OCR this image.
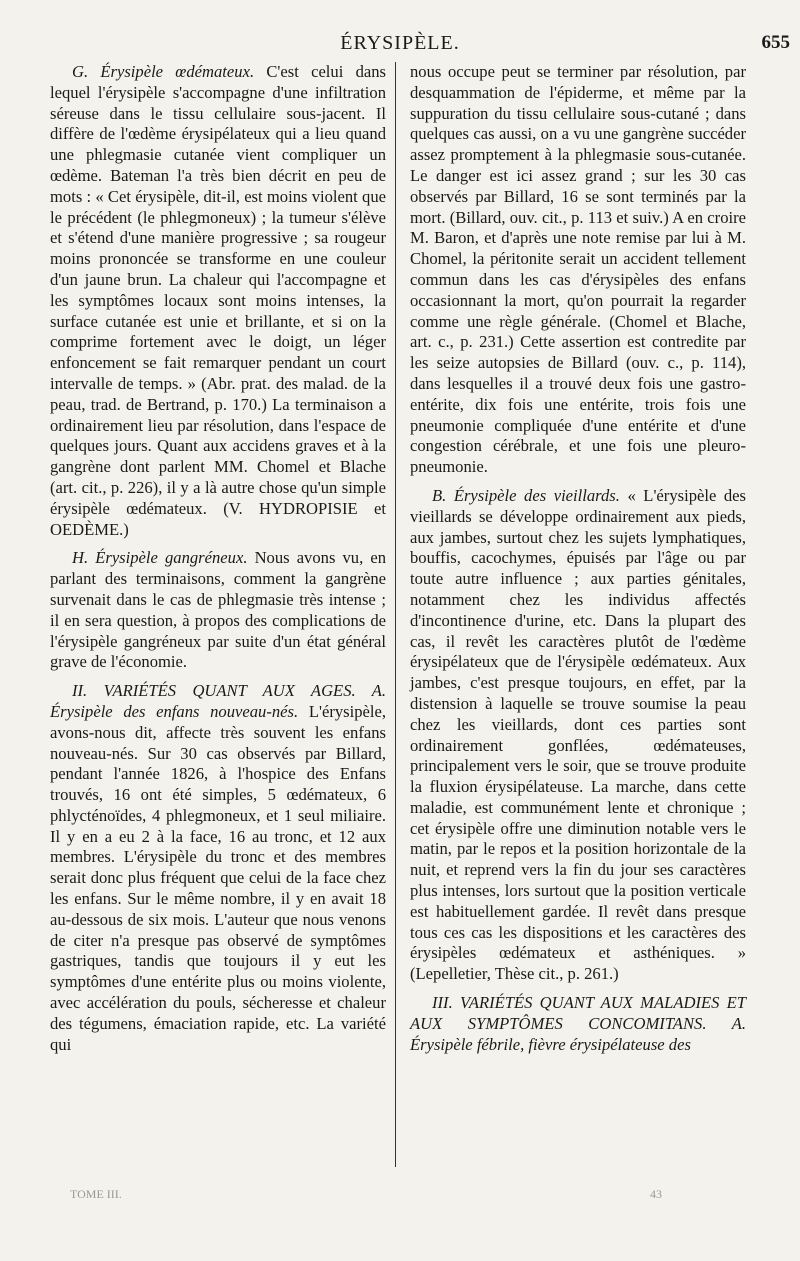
ÉRYSIPÈLE.	655

G. Érysipèle œdémateux. C'est celui dans lequel l'érysipèle s'accompagne d'une infiltration séreuse dans le tissu cellulaire sous-jacent. Il diffère de l'œdème érysipélateux qui a lieu quand une phlegmasie cutanée vient compliquer un œdème. Bateman l'a très bien décrit en peu de mots : « Cet érysipèle, dit-il, est moins violent que le précédent (le phlegmoneux) ; la tumeur s'élève et s'étend d'une manière progressive ; sa rougeur moins prononcée se transforme en une couleur d'un jaune brun. La chaleur qui l'accompagne et les symptômes locaux sont moins intenses, la surface cutanée est unie et brillante, et si on la comprime fortement avec le doigt, un léger enfoncement se fait remarquer pendant un court intervalle de temps. » (Abr. prat. des malad. de la peau, trad. de Bertrand, p. 170.) La terminaison a ordinairement lieu par résolution, dans l'espace de quelques jours. Quant aux accidens graves et à la gangrène dont parlent MM. Chomel et Blache (art. cit., p. 226), il y a là autre chose qu'un simple érysipèle œdémateux. (V. HYDROPISIE et OEDÈME.)

H. Érysipèle gangréneux. Nous avons vu, en parlant des terminaisons, comment la gangrène survenait dans le cas de phlegmasie très intense ; il en sera question, à propos des complications de l'érysipèle gangréneux par suite d'un état général grave de l'économie.

II. VARIÉTÉS QUANT AUX AGES. A. Érysipèle des enfans nouveau-nés. L'érysipèle, avons-nous dit, affecte très souvent les enfans nouveau-nés. Sur 30 cas observés par Billard, pendant l'année 1826, à l'hospice des Enfans trouvés, 16 ont été simples, 5 œdémateux, 6 phlycténoïdes, 4 phlegmoneux, et 1 seul miliaire. Il y en a eu 2 à la face, 16 au tronc, et 12 aux membres. L'érysipèle du tronc et des membres serait donc plus fréquent que celui de la face chez les enfans. Sur le même nombre, il y en avait 18 au-dessous de six mois. L'auteur que nous venons de citer n'a presque pas observé de symptômes gastriques, tandis que toujours il y eut les symptômes d'une entérite plus ou moins violente, avec accélération du pouls, sécheresse et chaleur des tégumens, émaciation rapide, etc. La variété qui

nous occupe peut se terminer par résolution, par desquammation de l'épiderme, et même par la suppuration du tissu cellulaire sous-cutané ; dans quelques cas aussi, on a vu une gangrène succéder assez promptement à la phlegmasie sous-cutanée. Le danger est ici assez grand ; sur les 30 cas observés par Billard, 16 se sont terminés par la mort. (Billard, ouv. cit., p. 113 et suiv.) A en croire M. Baron, et d'après une note remise par lui à M. Chomel, la péritonite serait un accident tellement commun dans les cas d'érysipèles des enfans occasionnant la mort, qu'on pourrait la regarder comme une règle générale. (Chomel et Blache, art. c., p. 231.) Cette assertion est contredite par les seize autopsies de Billard (ouv. c., p. 114), dans lesquelles il a trouvé deux fois une gastro-entérite, dix fois une entérite, trois fois une pneumonie compliquée d'une entérite et d'une congestion cérébrale, et une fois une pleuro-pneumonie.

B. Érysipèle des vieillards. « L'érysipèle des vieillards se développe ordinairement aux pieds, aux jambes, surtout chez les sujets lymphatiques, bouffis, cacochymes, épuisés par l'âge ou par toute autre influence ; aux parties génitales, notamment chez les individus affectés d'incontinence d'urine, etc. Dans la plupart des cas, il revêt les caractères plutôt de l'œdème érysipélateux que de l'érysipèle œdémateux. Aux jambes, c'est presque toujours, en effet, par la distension à laquelle se trouve soumise la peau chez les vieillards, dont ces parties sont ordinairement gonflées, œdémateuses, principalement vers le soir, que se trouve produite la fluxion érysipélateuse. La marche, dans cette maladie, est communément lente et chronique ; cet érysipèle offre une diminution notable vers le matin, par le repos et la position horizontale de la nuit, et reprend vers la fin du jour ses caractères plus intenses, lors surtout que la position verticale est habituellement gardée. Il revêt dans presque tous ces cas les dispositions et les caractères des érysipèles œdémateux et asthéniques. » (Lepelletier, Thèse cit., p. 261.)

III. VARIÉTÉS QUANT AUX MALADIES ET AUX SYMPTÔMES CONCOMITANS. A. Érysipèle fébrile, fièvre érysipélateuse des

TOME III.	43
